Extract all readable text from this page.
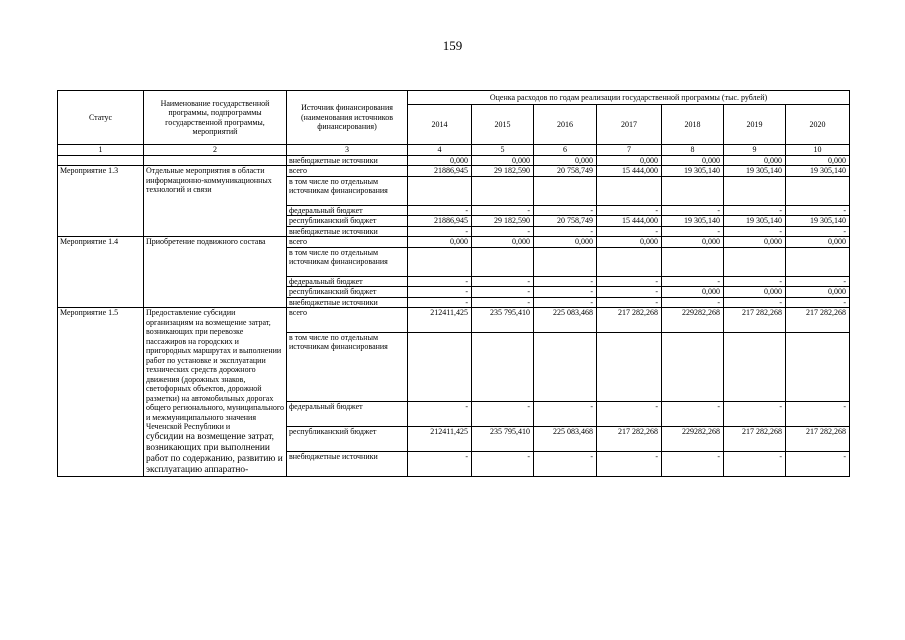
159
Статус	Наименование государственной программы, подпрограммы государственной программы, мероприятий	Источник финансирования (наименования источников финансирования)	Оценка расходов по годам реализации государственной программы (тыс. рублей)						
			2014	2015	2016	2017	2018	2019	2020
1	2	3	4	5	6	7	8	9	10
		внебюджетные источники	0,000	0,000	0,000	0,000	0,000	0,000	0,000
Мероприятие 1.3	Отдельные мероприятия в области информационно-коммуникационных технологий и связи	всего	21886,945	29 182,590	20 758,749	15 444,000	19 305,140	19 305,140	19 305,140
		в том числе по отдельным источникам финансирования							
		федеральный бюджет	-	-	-	-	-	-	-
		республиканский бюджет	21886,945	29 182,590	20 758,749	15 444,000	19 305,140	19 305,140	19 305,140
		внебюджетные источники	-	-	-	-	-	-	-
Мероприятие 1.4	Приобретение подвижного состава	всего	0,000	0,000	0,000	0,000	0,000	0,000	0,000
		в том числе по отдельным источникам финансирования							
		федеральный бюджет	-	-	-	-	-	-	-
		республиканский бюджет	-	-	-	-	0,000	0,000	0,000
		внебюджетные источники	-	-	-	-	-	-	-
Мероприятие 1.5	Предоставление субсидии организациям на возмещение затрат, возникающих при перевозке пассажиров на городских и пригородных маршрутах и выполнении работ по установке и эксплуатации технических средств дорожного движения (дорожных знаков, светофорных объектов, дорожной разметки) на автомобильных дорогах общего регионального, муниципального и межмуниципального значения Чеченской Республики и
субсидии на возмещение затрат, возникающих при выполнении работ по содержанию, развитию и эксплуатацию аппаратно-	всего	212411,425	235 795,410	225 083,468	217 282,268	229282,268	217 282,268	217 282,268
		в том числе по отдельным источникам финансирования							
		федеральный бюджет	-	-	-	-	-	-	-
		республиканский бюджет	212411,425	235 795,410	225 083,468	217 282,268	229282,268	217 282,268	217 282,268
		внебюджетные источники	-	-	-	-	-	-	-
